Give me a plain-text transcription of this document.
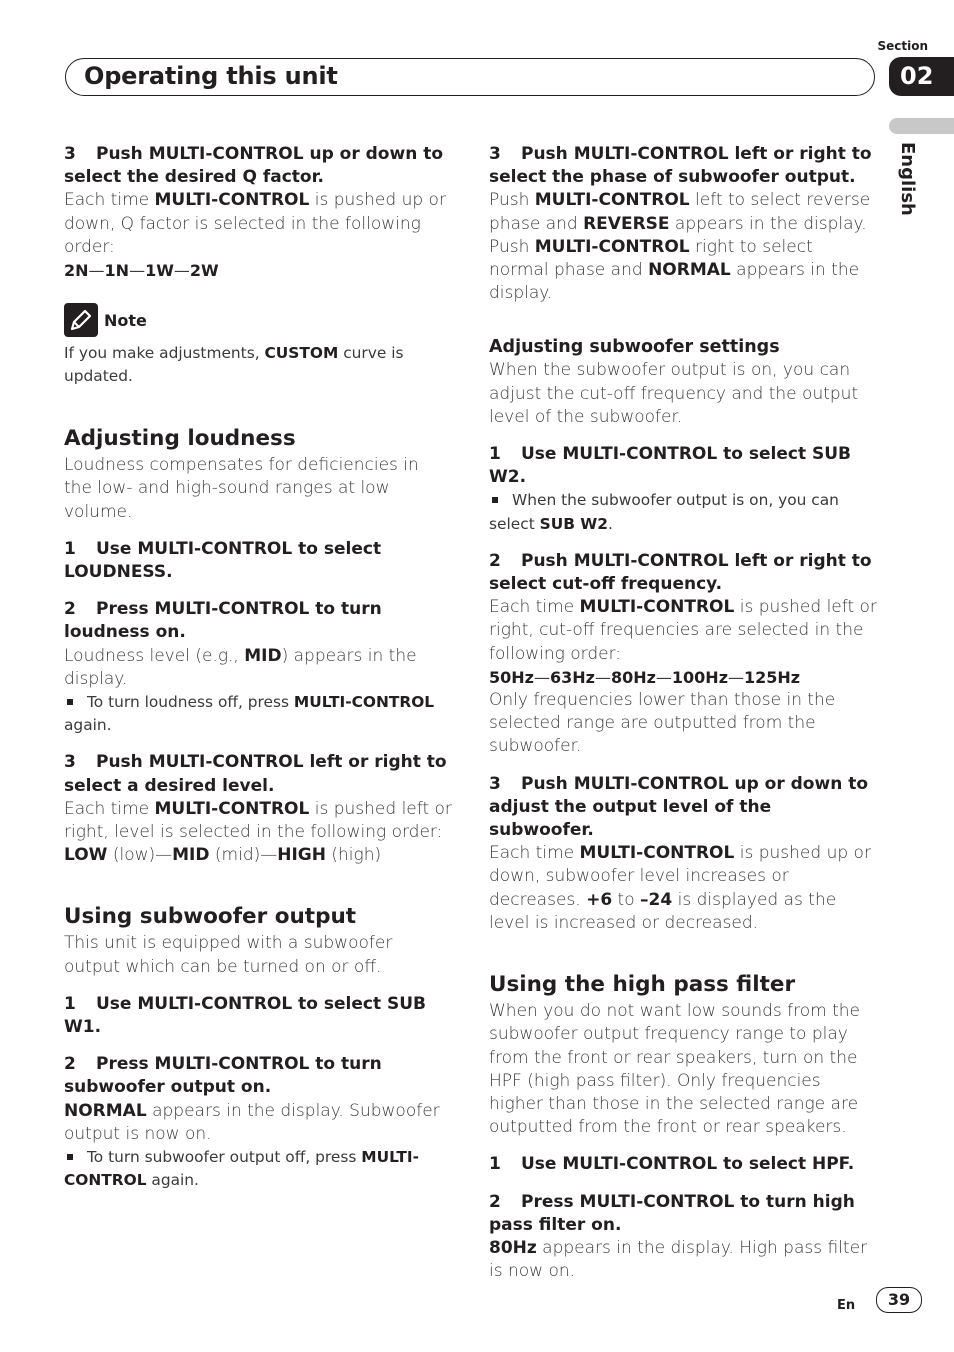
Section
Operating this unit	02
English

3 Push MULTI-CONTROL up or down to select the desired Q factor.

Each time MULTI-CONTROL is pushed up or down, Q factor is selected in the following order:

2N—1N—1W—2W

Note

If you make adjustments, CUSTOM curve is updated.

Adjusting loudness

Loudness compensates for deficiencies in the low- and high-sound ranges at low volume.

1 Use MULTI-CONTROL to select LOUDNESS.

2 Press MULTI-CONTROL to turn loudness on.

Loudness level (e.g., MID) appears in the display.

To turn loudness off, press MULTI-CONTROL again.

3 Push MULTI-CONTROL left or right to select a desired level.

Each time MULTI-CONTROL is pushed left or right, level is selected in the following order:

LOW (low)—MID (mid)—HIGH (high)

Using subwoofer output

This unit is equipped with a subwoofer output which can be turned on or off.

1 Use MULTI-CONTROL to select SUB W1.

2 Press MULTI-CONTROL to turn subwoofer output on.

NORMAL appears in the display. Subwoofer output is now on.

To turn subwoofer output off, press MULTI-CONTROL again.

3 Push MULTI-CONTROL left or right to select the phase of subwoofer output.

Push MULTI-CONTROL left to select reverse phase and REVERSE appears in the display. Push MULTI-CONTROL right to select normal phase and NORMAL appears in the display.

Adjusting subwoofer settings

When the subwoofer output is on, you can adjust the cut-off frequency and the output level of the subwoofer.

1 Use MULTI-CONTROL to select SUB W2.

When the subwoofer output is on, you can select SUB W2.

2 Push MULTI-CONTROL left or right to select cut-off frequency.

Each time MULTI-CONTROL is pushed left or right, cut-off frequencies are selected in the following order:

50Hz—63Hz—80Hz—100Hz—125Hz

Only frequencies lower than those in the selected range are outputted from the subwoofer.

3 Push MULTI-CONTROL up or down to adjust the output level of the subwoofer.

Each time MULTI-CONTROL is pushed up or down, subwoofer level increases or decreases. +6 to –24 is displayed as the level is increased or decreased.

Using the high pass filter

When you do not want low sounds from the subwoofer output frequency range to play from the front or rear speakers, turn on the HPF (high pass filter). Only frequencies higher than those in the selected range are outputted from the front or rear speakers.

1 Use MULTI-CONTROL to select HPF.

2 Press MULTI-CONTROL to turn high pass filter on.

80Hz appears in the display. High pass filter is now on.

En	39
